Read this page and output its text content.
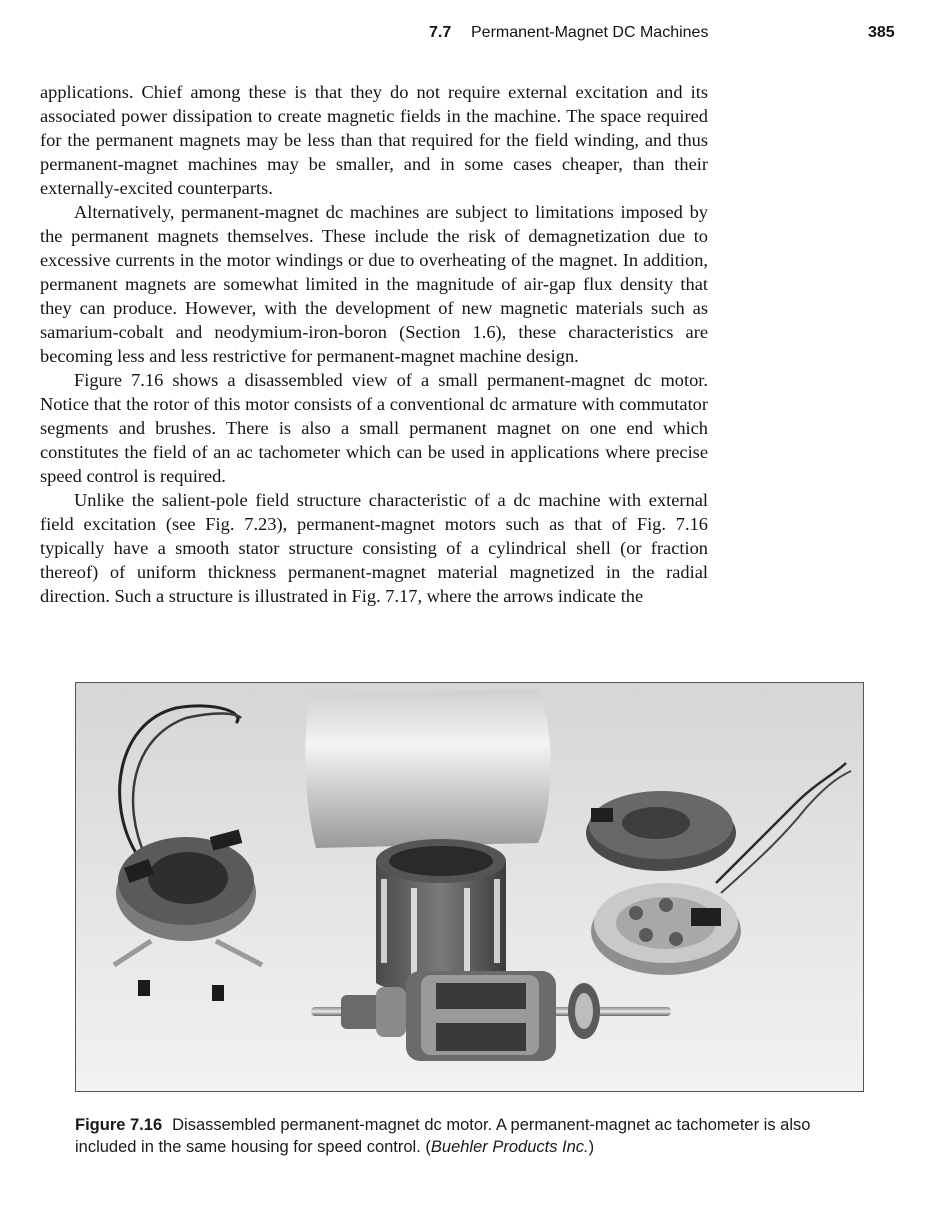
7.7 Permanent-Magnet DC Machines	385

applications. Chief among these is that they do not require external excitation and its associated power dissipation to create magnetic fields in the machine. The space required for the permanent magnets may be less than that required for the field winding, and thus permanent-magnet machines may be smaller, and in some cases cheaper, than their externally-excited counterparts.

Alternatively, permanent-magnet dc machines are subject to limitations imposed by the permanent magnets themselves. These include the risk of demagnetization due to excessive currents in the motor windings or due to overheating of the magnet. In addition, permanent magnets are somewhat limited in the magnitude of air-gap flux density that they can produce. However, with the development of new magnetic materials such as samarium-cobalt and neodymium-iron-boron (Section 1.6), these characteristics are becoming less and less restrictive for permanent-magnet machine design.

Figure 7.16 shows a disassembled view of a small permanent-magnet dc motor. Notice that the rotor of this motor consists of a conventional dc armature with commutator segments and brushes. There is also a small permanent magnet on one end which constitutes the field of an ac tachometer which can be used in applications where precise speed control is required.

Unlike the salient-pole field structure characteristic of a dc machine with external field excitation (see Fig. 7.23), permanent-magnet motors such as that of Fig. 7.16 typically have a smooth stator structure consisting of a cylindrical shell (or fraction thereof) of uniform thickness permanent-magnet material magnetized in the radial direction. Such a structure is illustrated in Fig. 7.17, where the arrows indicate the

Figure 7.16 Disassembled permanent-magnet dc motor. A permanent-magnet ac tachometer is also included in the same housing for speed control. (Buehler Products Inc.)
